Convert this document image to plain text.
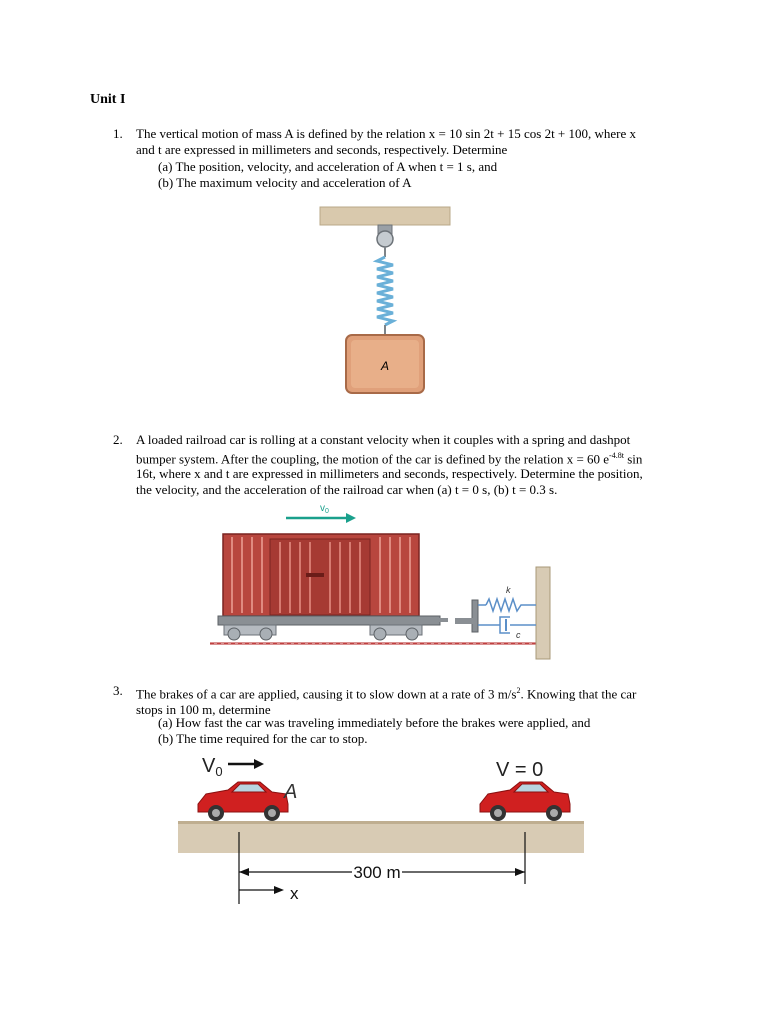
Unit I
1. The vertical motion of mass A is defined by the relation x = 10 sin 2t + 15 cos 2t + 100, where x
and t are expressed in millimeters and seconds, respectively. Determine
(a) The position, velocity, and acceleration of A when t = 1 s, and
(b) The maximum velocity and acceleration of A
A
2. A loaded railroad car is rolling at a constant velocity when it couples with a spring and dashpot
bumper system. After the coupling, the motion of the car is defined by the relation x = 60 $e^{-4.8t}$ sin
16t, where x and t are expressed in millimeters and seconds, respectively. Determine the position,
the velocity, and the acceleration of the railroad car when (a) t = 0 s, (b) t = 0.3 s.
$v_0$
k
c
3. The brakes of a car are applied, causing it to slow down at a rate of 3 $m/s^2$. Knowing that the car
stops in 100 m, determine
(a) How fast the car was traveling immediately before the brakes were applied, and
(b) The time required for the car to stop.
$V_0$
A
V = 0
300 m
x
